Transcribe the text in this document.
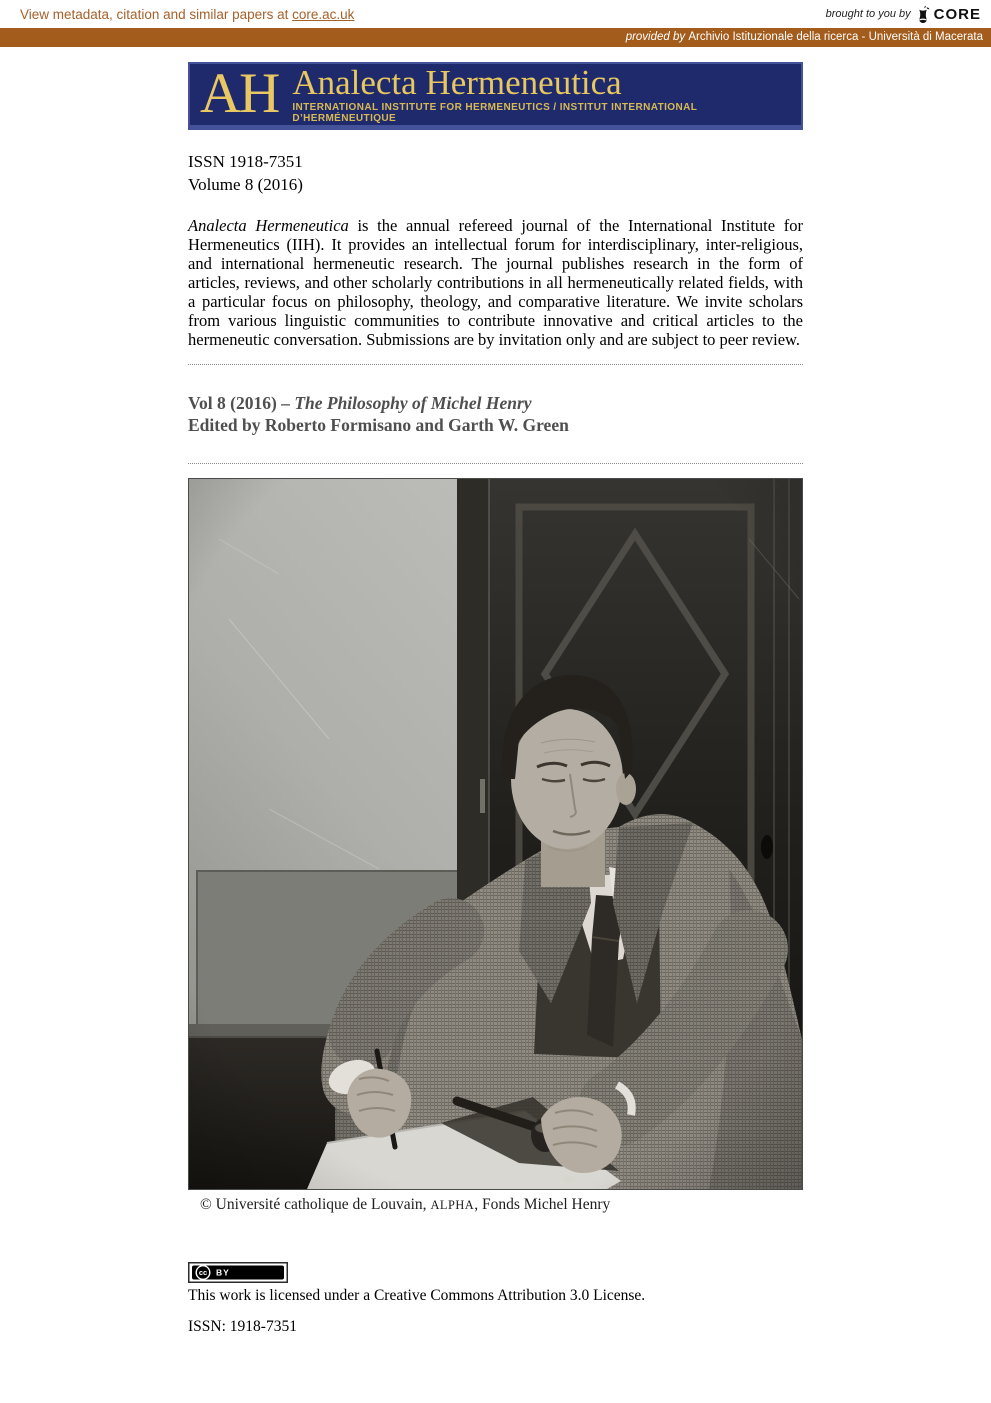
View metadata, citation and similar papers at core.ac.uk	brought to you by CORE
provided by Archivio Istituzionale della ricerca - Università di Macerata
AH Analecta Hermeneutica
INTERNATIONAL INSTITUTE FOR HERMENEUTICS / INSTITUT INTERNATIONAL D’HERMÉNEUTIQUE
ISSN 1918-7351
Volume 8 (2016)

Analecta Hermeneutica is the annual refereed journal of the International Institute for Hermeneutics (IIH). It provides an intellectual forum for interdisciplinary, inter-religious, and international hermeneutic research. The journal publishes research in the form of articles, reviews, and other scholarly contributions in all hermeneutically related fields, with a particular focus on philosophy, theology, and comparative literature. We invite scholars from various linguistic communities to contribute innovative and critical articles to the hermeneutic conversation. Submissions are by invitation only and are subject to peer review.

Vol 8 (2016) – The Philosophy of Michel Henry
Edited by Roberto Formisano and Garth W. Green
© Université catholique de Louvain, ALPHA, Fonds Michel Henry
cc BY
This work is licensed under a Creative Commons Attribution 3.0 License.
ISSN: 1918-7351
